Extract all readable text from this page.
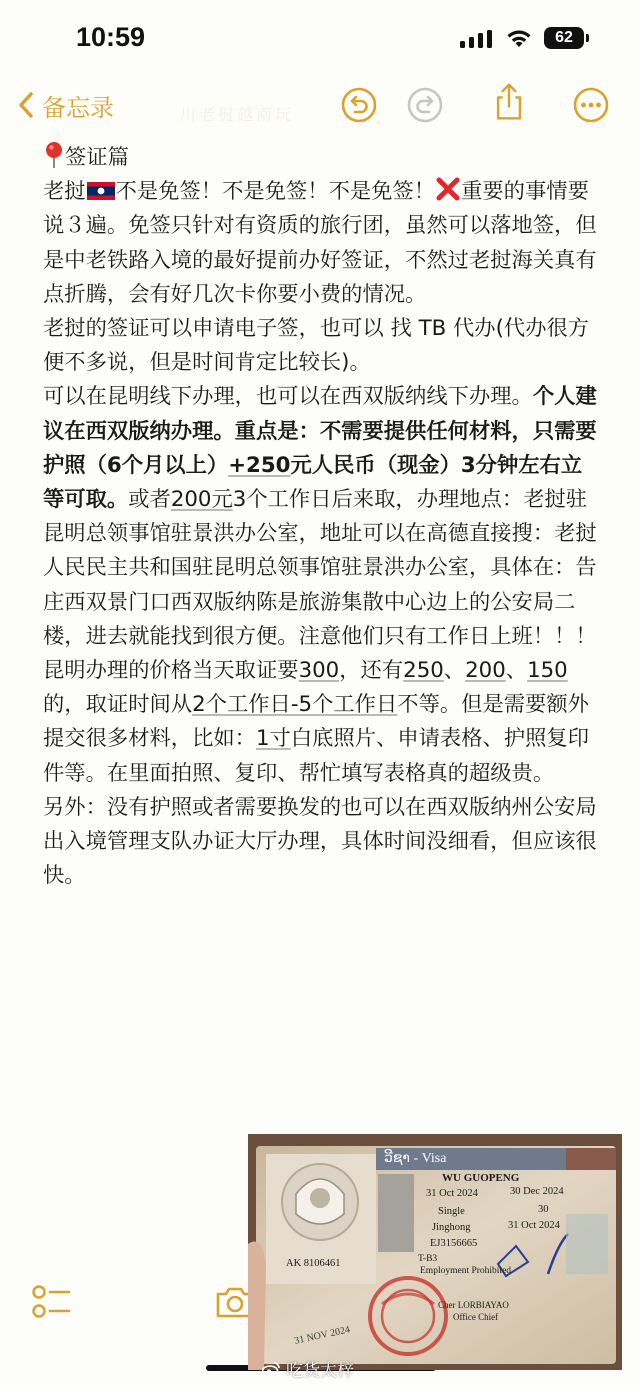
10:59	62
川老挝越南玩
备忘录

签证篇

老挝 不是免签！不是免签！不是免签！ 重要的事情要说３遍。免签只针对有资质的旅行团，虽然可以落地签，但是中老铁路入境的最好提前办好签证，不然过老挝海关真有点折腾，会有好几次卡你要小费的情况。

老挝的签证可以申请电子签，也可以 找 TB 代办(代办很方便不多说，但是时间肯定比较长)。

可以在昆明线下办理，也可以在西双版纳线下办理。个人建议在西双版纳办理。重点是：不需要提供任何材料，只需要护照（6个月以上）+250元人民币（现金）3分钟左右立等可取。或者200元3个工作日后来取，办理地点：老挝驻昆明总领事馆驻景洪办公室，地址可以在高德直接搜：老挝人民民主共和国驻昆明总领事馆驻景洪办公室，具体在：告庄西双景门口西双版纳陈是旅游集散中心边上的公安局二楼，进去就能找到很方便。注意他们只有工作日上班！！！

昆明办理的价格当天取证要300，还有250、200、150的，取证时间从2个工作日-5个工作日不等。但是需要额外提交很多材料，比如：1寸白底照片、申请表格、护照复印件等。在里面拍照、复印、帮忙填写表格真的超级贵。

另外：没有护照或者需要换发的也可以在西双版纳州公安局出入境管理支队办证大厅办理，具体时间没细看，但应该很快。

ວີຊາ - Visa
WU GUOPENG
31 Oct 2024	30 Dec 2024
Single	30
Jinghong	31 Oct 2024
EJ3156665
T-B3
Employment Prohibited
Cher LORBIAYAO
Office Chief
AK 8106461
31 NOV 2024
吃货太梓
